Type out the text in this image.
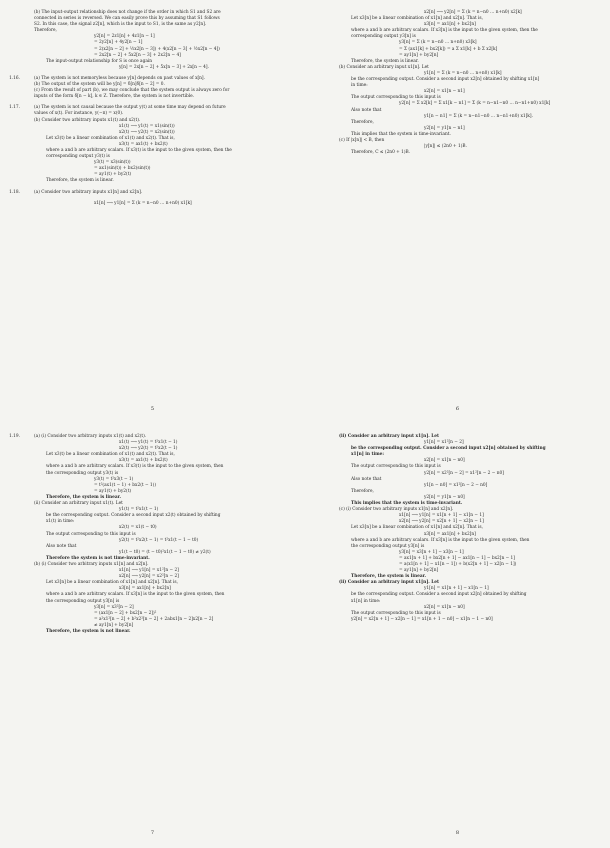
(b) The input-output relationship does not change if the order in which S1 and S2 are
connected in series is reversed. We can easily prove this by assuming that S1 follows
S2. In this case, the signal z2[n], which is the input to S1, is the same as y2[n].
Therefore,
y2[n] = 2z1[n] + 4z1[n − 1]
= 2y2[n] + 4y2[n − 1]
= 2(x2[n − 2] + ½x2[n − 3]) + 4(x2[n − 3] + ½x2[n − 4])
= 2x2[n − 2] + 5x2[n − 3] + 2x2[n − 4]
The input-output relationship for S is once again
y[n] = 2x[n − 2] + 5x[n − 3] + 2x[n − 4].
1.16.	(a) The system is not memoryless because y[n] depends on past values of x[n].
(b) The output of the system will be y[n] = δ[n]δ[n − 2] = 0.
(c) From the result of part (b), we may conclude that the system output is always zero for
inputs of the form δ[n − k], k ∈ Z. Therefore, the system is not invertible.
1.17.	(a) The system is not causal because the output y(t) at some time may depend on future
values of x(t). For instance, y(−π) = x(0).
(b) Consider two arbitrary inputs x1(t) and x2(t).
x1(t) ⟶ y1(t) = x1(sin(t))
x2(t) ⟶ y2(t) = x2(sin(t))
Let x3(t) be a linear combination of x1(t) and x2(t). That is,
x3(t) = ax1(t) + bx2(t)
where a and b are arbitrary scalars. If x3(t) is the input to the given system, then the
corresponding output y3(t) is
y3(t) = x3(sin(t))
= ax1(sin(t)) + bx2(sin(t))
= ay1(t) + by2(t)
Therefore, the system is linear.
1.18.	(a) Consider two arbitrary inputs x1[n] and x2[n].
x1[n] ⟶ y1[n] = Σ (k = n−n0 … n+n0) x1[k]
5
x2[n] ⟶ y2[n] = Σ (k = n−n0 … n+n0) x2[k]
Let x3[n] be a linear combination of x1[n] and x2[n]. That is,
x3[n] = ax1[n] + bx2[n]
where a and b are arbitrary scalars. If x3[n] is the input to the given system, then the
corresponding output y3[n] is
y3[n] = Σ (k = n−n0 … n+n0) x3[k]
= Σ (ax1[k] + bx2[k]) = a Σ x1[k] + b Σ x2[k]
= ay1[n] + by2[n]
Therefore, the system is linear.
(b) Consider an arbitrary input x1[n]. Let
y1[n] = Σ (k = n−n0 … n+n0) x1[k]
be the corresponding output. Consider a second input x2[n] obtained by shifting x1[n]
in time:
x2[n] = x1[n − n1]
The output corresponding to this input is
y2[n] = Σ x2[k] = Σ x1[k − n1] = Σ (k = n−n1−n0 … n−n1+n0) x1[k]
Also note that
y1[n − n1] = Σ (k = n−n1−n0 … n−n1+n0) x1[k].
Therefore,
y2[n] = y1[n − n1]
This implies that the system is time-invariant.
(c) If |x[n]| < B, then
|y[n]| ≤ (2n0 + 1)B.
Therefore, C ≤ (2n0 + 1)B.
6
1.19.	(a) (i) Consider two arbitrary inputs x1(t) and x2(t).
x1(t) ⟶ y1(t) = t²x1(t − 1)
x2(t) ⟶ y2(t) = t²x2(t − 1)
Let x3(t) be a linear combination of x1(t) and x2(t). That is,
x3(t) = ax1(t) + bx2(t)
where a and b are arbitrary scalars. If x3(t) is the input to the given system, then
the corresponding output y3(t) is
y3(t) = t²x3(t − 1)
= t²(ax1(t − 1) + bx2(t − 1))
= ay1(t) + by2(t)
Therefore, the system is linear.
(ii) Consider an arbitrary input x1(t). Let
y1(t) = t²x1(t − 1)
be the corresponding output. Consider a second input x2(t) obtained by shifting
x1(t) in time:
x2(t) = x1(t − t0)
The output corresponding to this input is
y2(t) = t²x2(t − 1) = t²x1(t − 1 − t0)
Also note that
y1(t − t0) = (t − t0)²x1(t − 1 − t0) ≠ y2(t)
Therefore the system is not time-invariant.
(b) (i) Consider two arbitrary inputs x1[n] and x2[n].
x1[n] ⟶ y1[n] = x1²[n − 2]
x2[n] ⟶ y2[n] = x2²[n − 2]
Let x3[n] be a linear combination of x1[n] and x2[n]. That is,
x3[n] = ax1[n] + bx2[n]
where a and b are arbitrary scalars. If x3[n] is the input to the given system, then
the corresponding output y3[n] is
y3[n] = x3²[n − 2]
= (ax1[n − 2] + bx2[n − 2])²
= a²x1²[n − 2] + b²x2²[n − 2] + 2abx1[n − 2]x2[n − 2]
≠ ay1[n] + by2[n]
Therefore, the system is not linear.
7
(ii) Consider an arbitrary input x1[n]. Let
y1[n] = x1²[n − 2]
be the corresponding output. Consider a second input x2[n] obtained by shifting
x1[n] in time:
x2[n] = x1[n − n0]
The output corresponding to this input is
y2[n] = x2²[n − 2] = x1²[n − 2 − n0]
Also note that
y1[n − n0] = x1²[n − 2 − n0]
Therefore,
y2[n] = y1[n − n0]
This implies that the system is time-invariant.
(c) (i) Consider two arbitrary inputs x1[n] and x2[n].
x1[n] ⟶ y1[n] = x1[n + 1] − x1[n − 1]
x2[n] ⟶ y2[n] = x2[n + 1] − x2[n − 1]
Let x3[n] be a linear combination of x1[n] and x2[n]. That is,
x3[n] = ax1[n] + bx2[n]
where a and b are arbitrary scalars. If x3[n] is the input to the given system, then
the corresponding output y3[n] is
y3[n] = x3[n + 1] − x3[n − 1]
= ax1[n + 1] + bx2[n + 1] − ax1[n − 1] − bx2[n − 1]
= a(x1[n + 1] − x1[n − 1]) + b(x2[n + 1] − x2[n − 1])
= ay1[n] + by2[n]
Therefore, the system is linear.
(ii) Consider an arbitrary input x1[n]. Let
y1[n] = x1[n + 1] − x1[n − 1]
be the corresponding output. Consider a second input x2[n] obtained by shifting
x1[n] in time:
x2[n] = x1[n − n0]
The output corresponding to this input is
y2[n] = x2[n + 1] − x2[n − 1] = x1[n + 1 − n0] − x1[n − 1 − n0]
8
